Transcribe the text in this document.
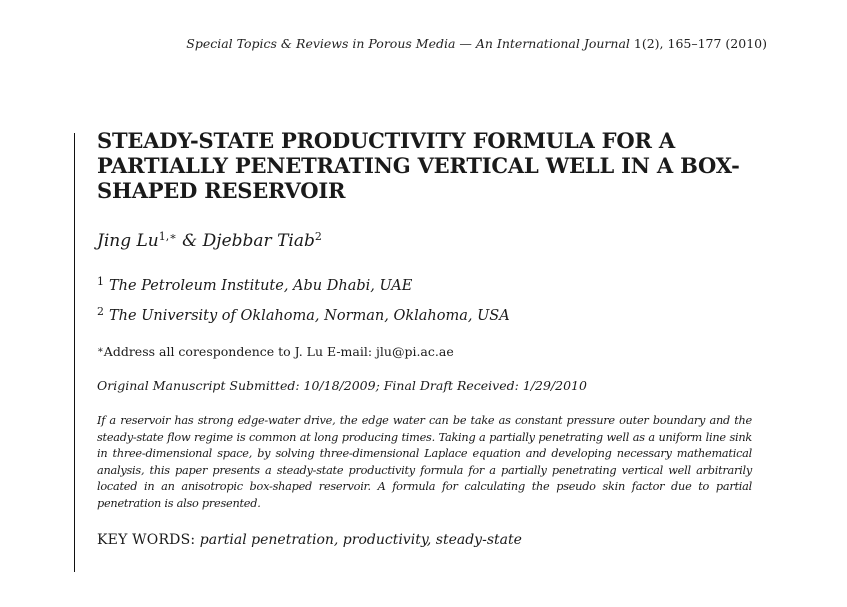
Special Topics & Reviews in Porous Media — An International Journal 1(2), 165–177 (2010)
STEADY-STATE PRODUCTIVITY FORMULA FOR A PARTIALLY PENETRATING VERTICAL WELL IN A BOX-SHAPED RESERVOIR
Jing $Lu^{1,∗}$ & Djebbar Tiab$^2$
$^1$ The Petroleum Institute, Abu Dhabi, UAE
$^2$ The University of Oklahoma, Norman, Oklahoma, USA
∗Address all corespondence to J. Lu E-mail: jlu@pi.ac.ae
Original Manuscript Submitted: 10/18/2009; Final Draft Received: 1/29/2010

If a reservoir has strong edge-water drive, the edge water can be take as constant pressure outer boundary and the steady-state flow regime is common at long producing times. Taking a partially penetrating well as a uniform line sink in three-dimensional space, by solving three-dimensional Laplace equation and developing necessary mathematical analysis, this paper presents a steady-state productivity formula for a partially penetrating vertical well arbitrarily located in an anisotropic box-shaped reservoir. A formula for calculating the pseudo skin factor due to partial penetration is also presented.

KEY WORDS: partial penetration, productivity, steady-state
